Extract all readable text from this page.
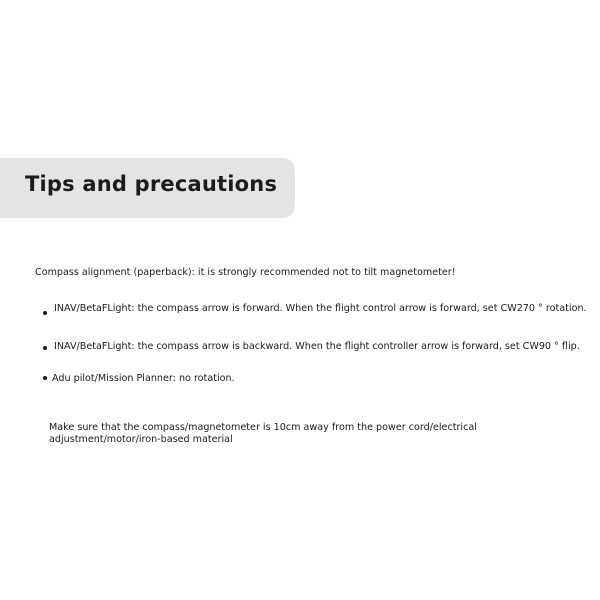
Tips and precautions

Compass alignment (paperback): it is strongly recommended not to tilt magnetometer!

INAV/BetaFLight: the compass arrow is forward. When the flight control arrow is forward, set CW270 ° rotation.
INAV/BetaFLight: the compass arrow is backward. When the flight controller arrow is forward, set CW90 ° flip.
Adu pilot/Mission Planner: no rotation.

Make sure that the compass/magnetometer is 10cm away from the power cord/electrical adjustment/motor/iron-based material
